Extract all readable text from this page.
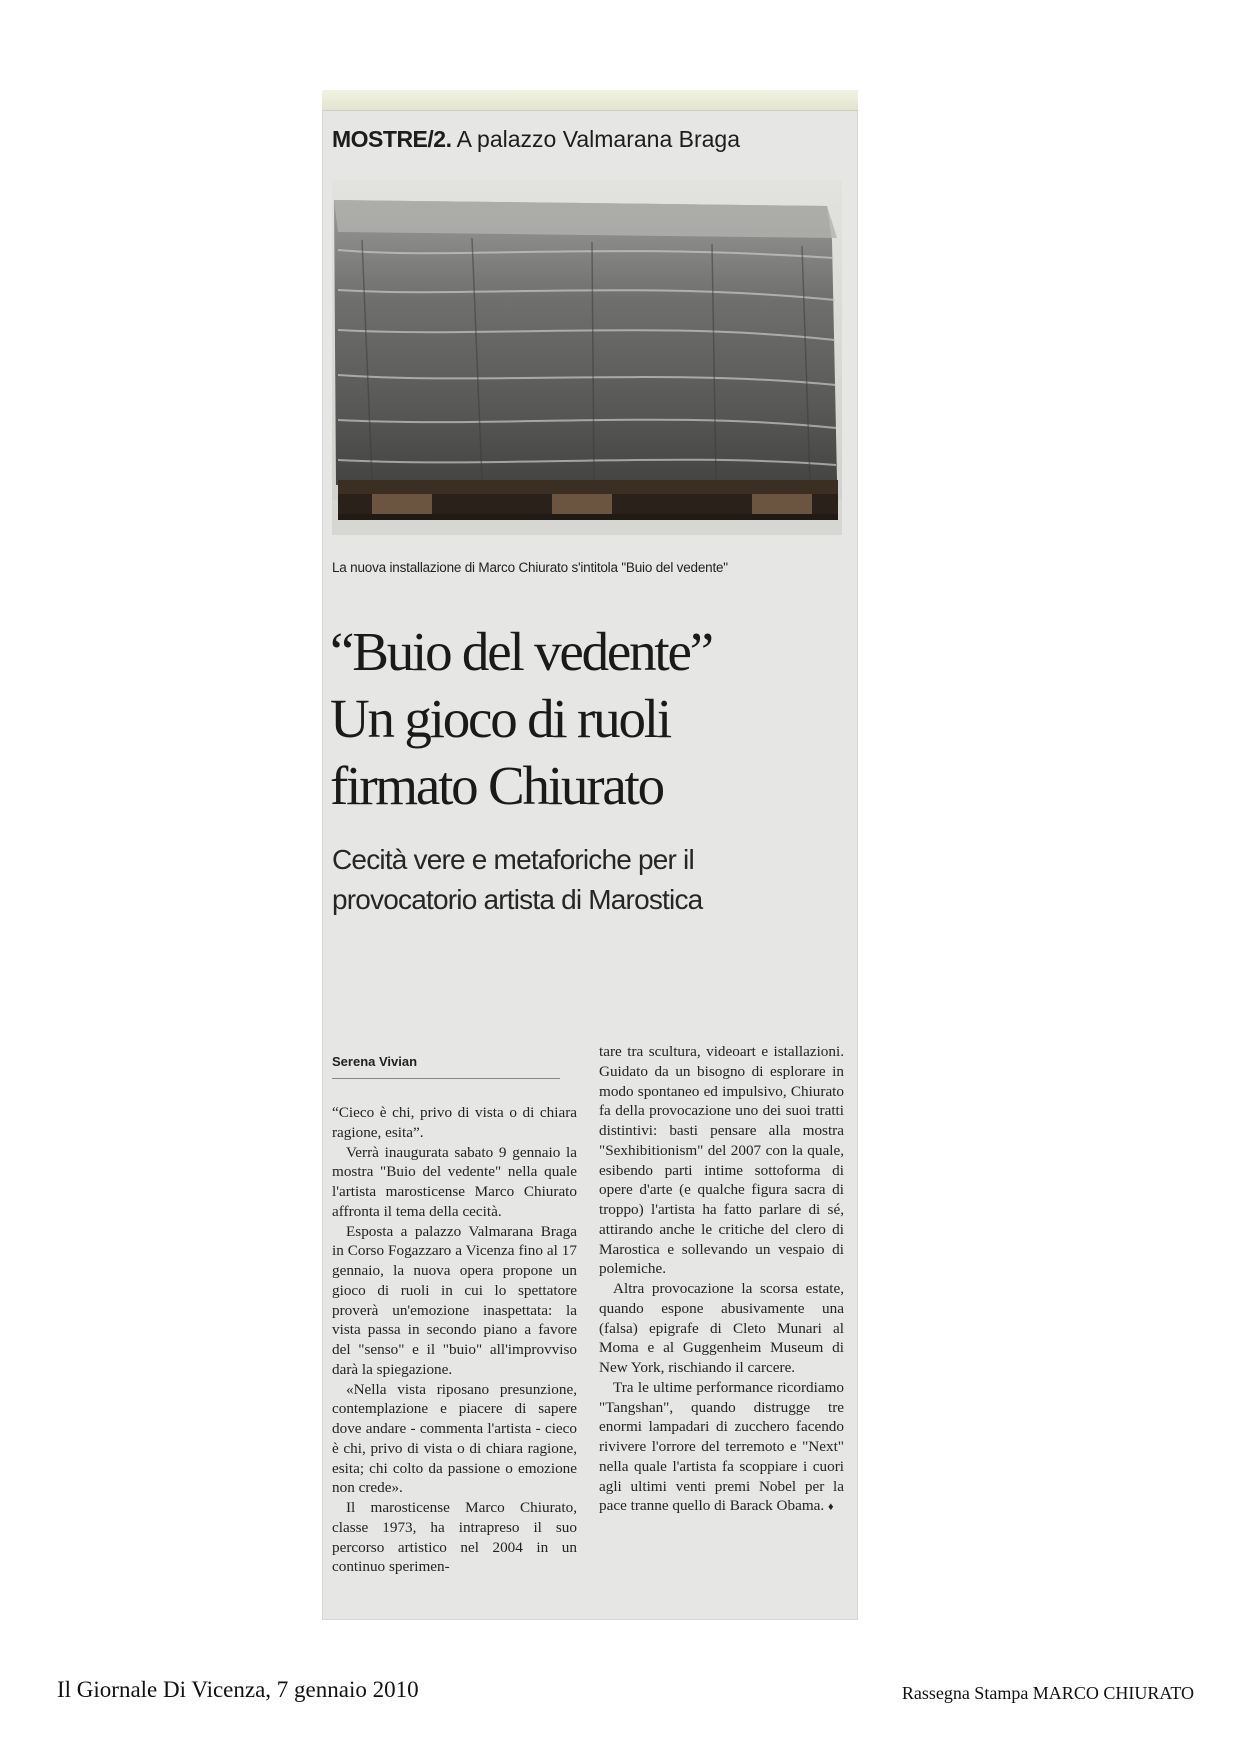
MOSTRE/2. A palazzo Valmarana Braga
La nuova installazione di Marco Chiurato s'intitola "Buio del vedente"
“Buio del vedente”
Un gioco di ruoli
firmato Chiurato
Cecità vere e metaforiche per il
provocatorio artista di Marostica
Serena Vivian

“Cieco è chi, privo di vista o di chiara ragione, esita”.

Verrà inaugurata sabato 9 gennaio la mostra "Buio del vedente" nella quale l'artista marosticense Marco Chiurato affronta il tema della cecità.

Esposta a palazzo Valmarana Braga in Corso Fogazzaro a Vicenza fino al 17 gennaio, la nuova opera propone un gioco di ruoli in cui lo spettatore proverà un'emozione inaspettata: la vista passa in secondo piano a favore del "senso" e il "buio" all'improvviso darà la spiegazione.

«Nella vista riposano presunzione, contemplazione e piacere di sapere dove andare - commenta l'artista - cieco è chi, privo di vista o di chiara ragione, esita; chi colto da passione o emozione non crede».

Il marosticense Marco Chiurato, classe 1973, ha intrapreso il suo percorso artistico nel 2004 in un continuo sperimen-

tare tra scultura, videoart e istallazioni. Guidato da un bisogno di esplorare in modo spontaneo ed impulsivo, Chiurato fa della provocazione uno dei suoi tratti distintivi: basti pensare alla mostra "Sexhibitionism" del 2007 con la quale, esibendo parti intime sottoforma di opere d'arte (e qualche figura sacra di troppo) l'artista ha fatto parlare di sé, attirando anche le critiche del clero di Marostica e sollevando un vespaio di polemiche.

Altra provocazione la scorsa estate, quando espone abusivamente una (falsa) epigrafe di Cleto Munari al Moma e al Guggenheim Museum di New York, rischiando il carcere.

Tra le ultime performance ricordiamo "Tangshan", quando distrugge tre enormi lampadari di zucchero facendo rivivere l'orrore del terremoto e "Next" nella quale l'artista fa scoppiare i cuori agli ultimi venti premi Nobel per la pace tranne quello di Barack Obama. ♦

Il Giornale Di Vicenza, 7 gennaio 2010	Rassegna Stampa MARCO CHIURATO
